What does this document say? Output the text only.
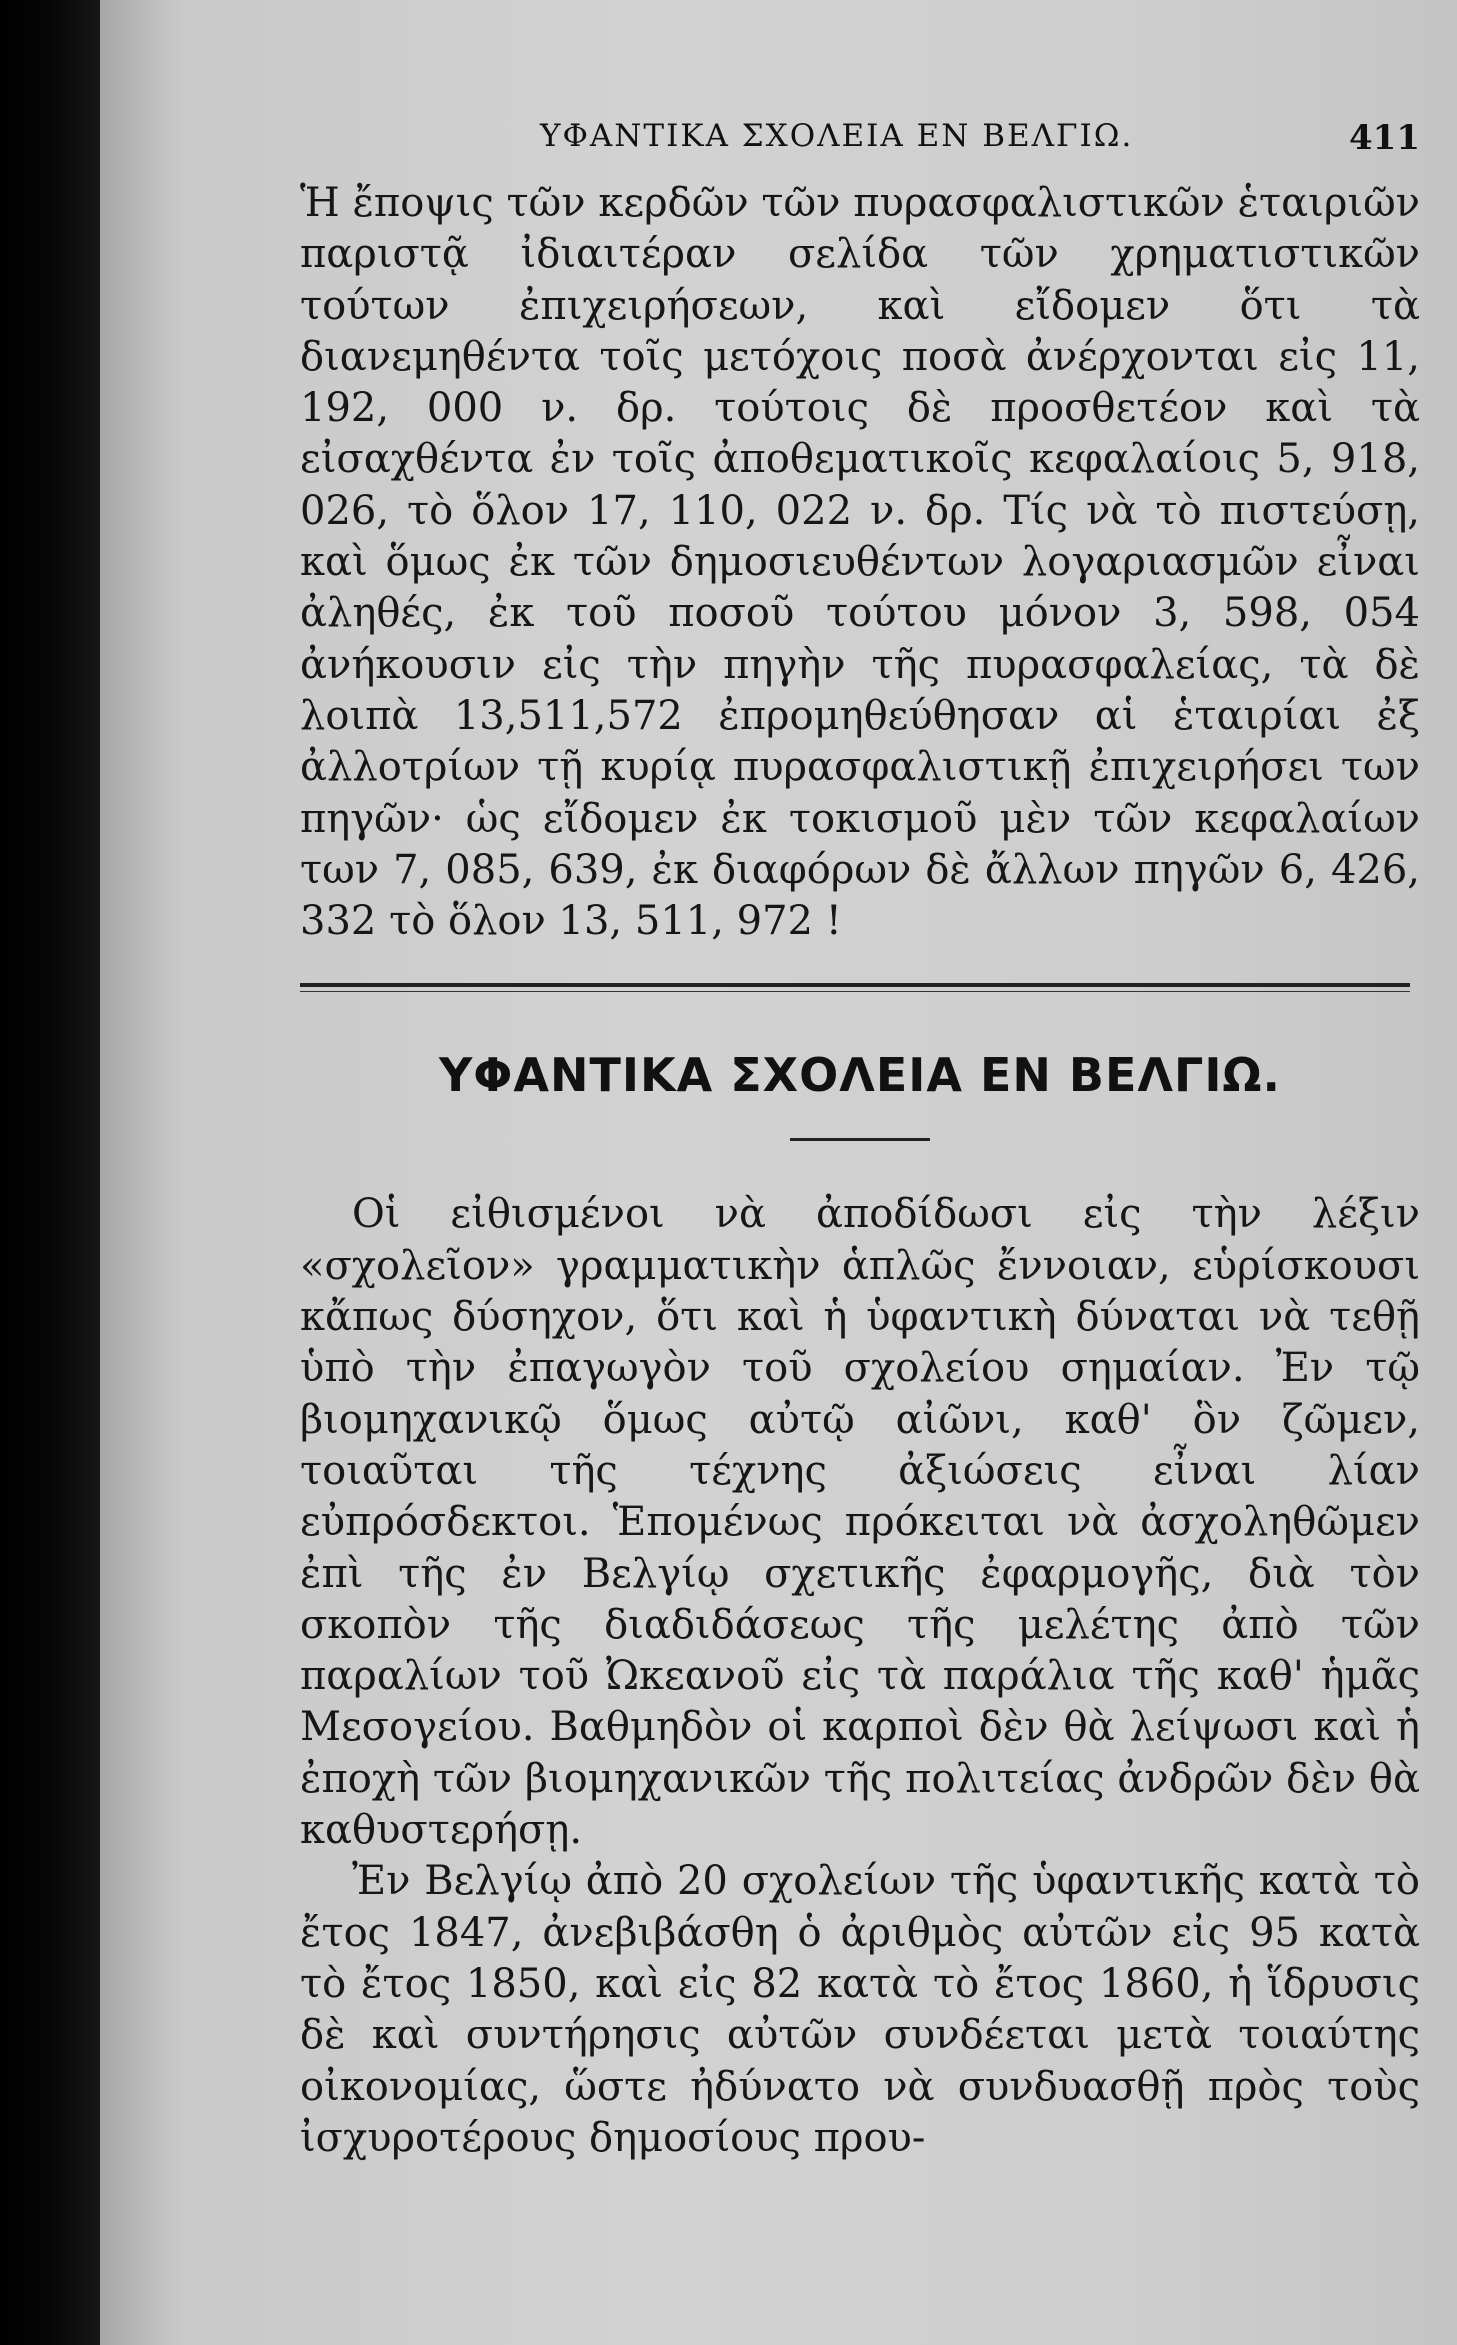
ΥΦΑΝΤΙΚΑ ΣΧΟΛΕΙΑ ΕΝ ΒΕΛΓΙΩ.	411

Ἡ ἔποψις τῶν κερδῶν τῶν πυρασφαλιστικῶν ἑταιριῶν παριστᾷ ἰδιαιτέραν σελίδα τῶν χρηματιστικῶν τούτων ἐπιχειρήσεων, καὶ εἴδομεν ὅτι τὰ διανεμηθέντα τοῖς μετόχοις ποσὰ ἀνέρχονται εἰς 11, 192, 000 ν. δρ. τούτοις δὲ προσθετέον καὶ τὰ εἰσαχθέντα ἐν τοῖς ἀποθεματικοῖς κεφαλαίοις 5, 918, 026, τὸ ὅλον 17, 110, 022 ν. δρ. Τίς νὰ τὸ πιστεύσῃ, καὶ ὅμως ἐκ τῶν δημοσιευθέντων λογαριασμῶν εἶναι ἀληθές, ἐκ τοῦ ποσοῦ τούτου μόνον 3, 598, 054 ἀνήκουσιν εἰς τὴν πηγὴν τῆς πυρασφαλείας, τὰ δὲ λοιπὰ 13,511,572 ἐπρομηθεύθησαν αἱ ἑταιρίαι ἐξ ἀλλοτρίων τῇ κυρίᾳ πυρασφαλιστικῇ ἐπιχειρήσει των πηγῶν· ὡς εἴδομεν ἐκ τοκισμοῦ μὲν τῶν κεφαλαίων των 7, 085, 639, ἐκ διαφόρων δὲ ἄλλων πηγῶν 6, 426, 332 τὸ ὅλον 13, 511, 972 !

ΥΦΑΝΤΙΚΑ ΣΧΟΛΕΙΑ ΕΝ ΒΕΛΓΙΩ.

Οἱ εἰθισμένοι νὰ ἀποδίδωσι εἰς τὴν λέξιν «σχολεῖον» γραμματικὴν ἁπλῶς ἔννοιαν, εὑρίσκουσι κἄπως δύσηχον, ὅτι καὶ ἡ ὑφαντικὴ δύναται νὰ τεθῇ ὑπὸ τὴν ἐπαγωγὸν τοῦ σχολείου σημαίαν. Ἐν τῷ βιομηχανικῷ ὅμως αὐτῷ αἰῶνι, καθ' ὃν ζῶμεν, τοιαῦται τῆς τέχνης ἀξιώσεις εἶναι λίαν εὐπρόσδεκτοι. Ἑπομένως πρόκειται νὰ ἀσχοληθῶμεν ἐπὶ τῆς ἐν Βελγίῳ σχετικῆς ἐφαρμογῆς, διὰ τὸν σκοπὸν τῆς διαδιδάσεως τῆς μελέτης ἀπὸ τῶν παραλίων τοῦ Ὠκεανοῦ εἰς τὰ παράλια τῆς καθ' ἡμᾶς Μεσογείου. Βαθμηδὸν οἱ καρποὶ δὲν θὰ λείψωσι καὶ ἡ ἐποχὴ τῶν βιομηχανικῶν τῆς πολιτείας ἀνδρῶν δὲν θὰ καθυστερήσῃ.

Ἐν Βελγίῳ ἀπὸ 20 σχολείων τῆς ὑφαντικῆς κατὰ τὸ ἔτος 1847, ἀνεβιβάσθη ὁ ἀριθμὸς αὐτῶν εἰς 95 κατὰ τὸ ἔτος 1850, καὶ εἰς 82 κατὰ τὸ ἔτος 1860, ἡ ἵδρυσις δὲ καὶ συντήρησις αὐτῶν συνδέεται μετὰ τοιαύτης οἰκονομίας, ὥστε ἠδύνατο νὰ συνδυασθῇ πρὸς τοὺς ἰσχυροτέρους δημοσίους πρου-
